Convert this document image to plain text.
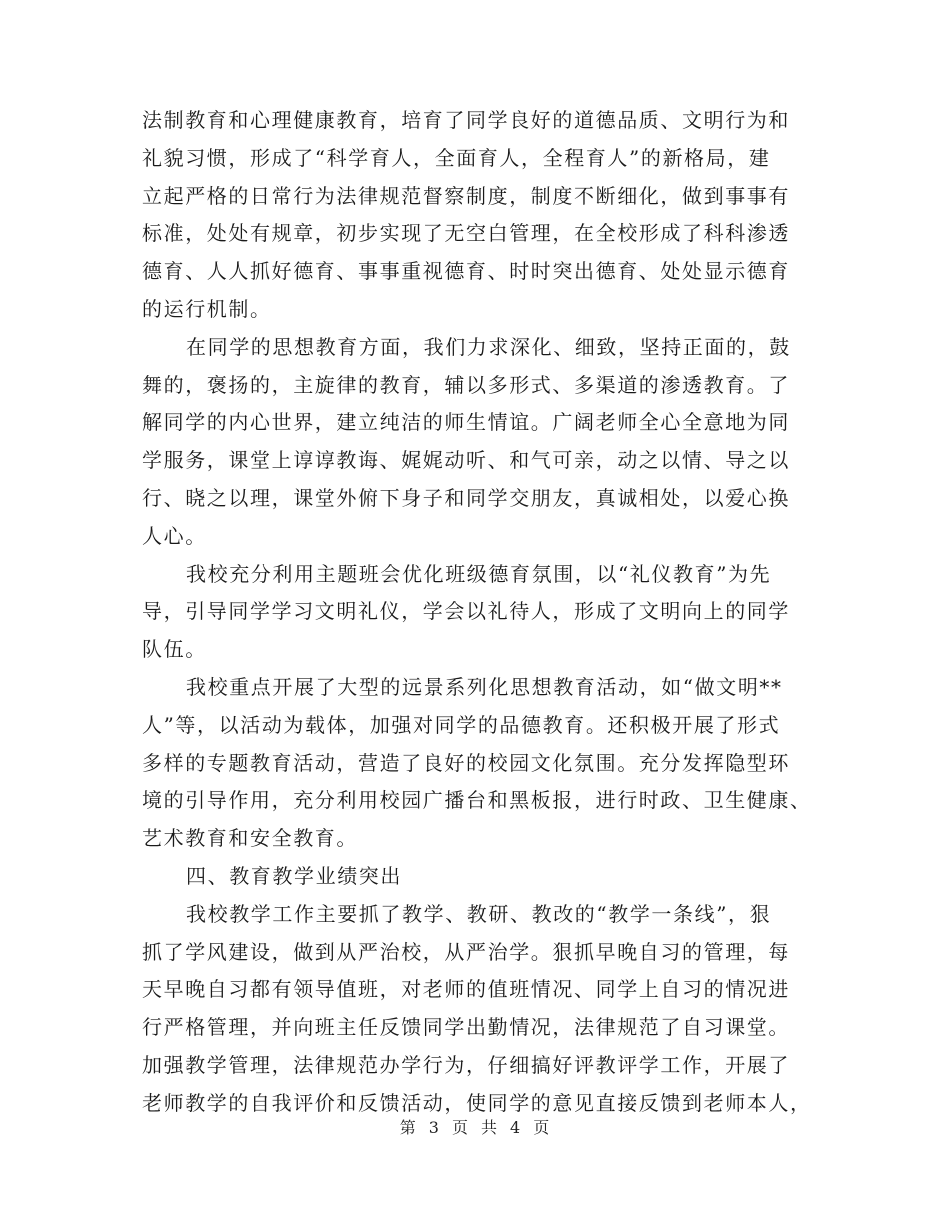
法制教育和心理健康教育，培育了同学良好的道德品质、文明行为和
礼貌习惯，形成了“科学育人，全面育人，全程育人”的新格局，建
立起严格的日常行为法律规范督察制度，制度不断细化，做到事事有
标准，处处有规章，初步实现了无空白管理，在全校形成了科科渗透
德育、人人抓好德育、事事重视德育、时时突出德育、处处显示德育
的运行机制。
在同学的思想教育方面，我们力求深化、细致，坚持正面的，鼓
舞的，褒扬的，主旋律的教育，辅以多形式、多渠道的渗透教育。了
解同学的内心世界，建立纯洁的师生情谊。广阔老师全心全意地为同
学服务，课堂上谆谆教诲、娓娓动听、和气可亲，动之以情、导之以
行、晓之以理，课堂外俯下身子和同学交朋友，真诚相处，以爱心换
人心。
我校充分利用主题班会优化班级德育氛围，以“礼仪教育”为先
导，引导同学学习文明礼仪，学会以礼待人，形成了文明向上的同学
队伍。
我校重点开展了大型的远景系列化思想教育活动，如“做文明**
人”等，以活动为载体，加强对同学的品德教育。还积极开展了形式
多样的专题教育活动，营造了良好的校园文化氛围。充分发挥隐型环
境的引导作用，充分利用校园广播台和黑板报，进行时政、卫生健康、
艺术教育和安全教育。
四、教育教学业绩突出
我校教学工作主要抓了教学、教研、教改的“教学一条线”，狠
抓了学风建设，做到从严治校，从严治学。狠抓早晚自习的管理，每
天早晚自习都有领导值班，对老师的值班情况、同学上自习的情况进
行严格管理，并向班主任反馈同学出勤情况，法律规范了自习课堂。
加强教学管理，法律规范办学行为，仔细搞好评教评学工作，开展了
老师教学的自我评价和反馈活动，使同学的意见直接反馈到老师本人，
第 3 页 共 4 页
